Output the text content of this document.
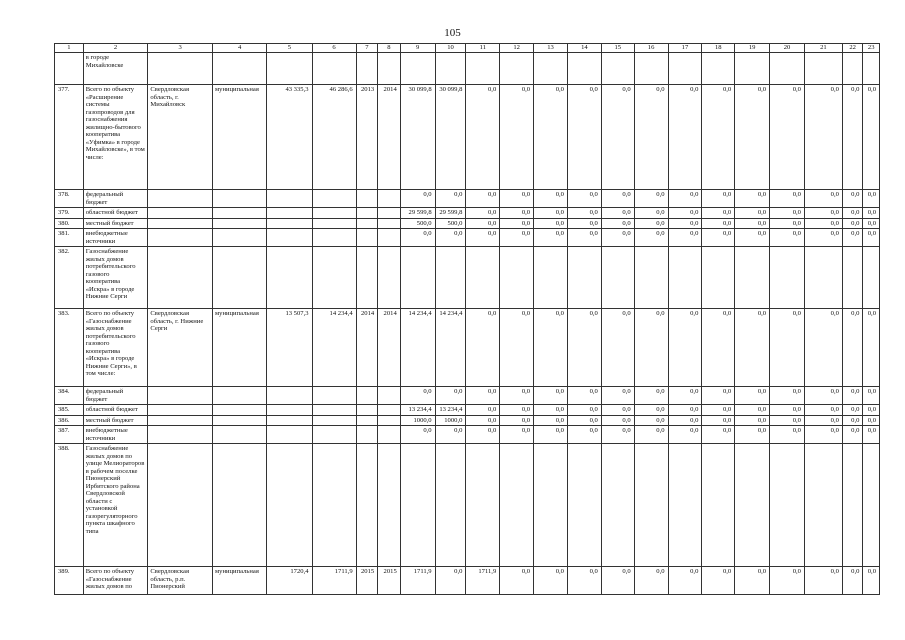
105
1	2	3	4	5	6	7	8	9	10	11	12	13	14	15	16	17	18	19	20	21	22	23
	в городе Михайловске																					
377.	Всего по объекту «Расширение системы газопроводов для газоснабжения жилищно-бытового кооператива «Уфимка» в городе Михайловске», в том числе:	Свердловская область, г. Михайловск	муниципальная	43 335,3	46 286,6	2013	2014	30 099,8	30 099,8	0,0	0,0	0,0	0,0	0,0	0,0	0,0	0,0	0,0	0,0	0,0	0,0	0,0
378.	федеральный бюджет							0,0	0,0	0,0	0,0	0,0	0,0	0,0	0,0	0,0	0,0	0,0	0,0	0,0	0,0	0,0
379.	областной бюджет							29 599,8	29 599,8	0,0	0,0	0,0	0,0	0,0	0,0	0,0	0,0	0,0	0,0	0,0	0,0	0,0
380.	местный бюджет							500,0	500,0	0,0	0,0	0,0	0,0	0,0	0,0	0,0	0,0	0,0	0,0	0,0	0,0	0,0
381.	внебюджетные источники							0,0	0,0	0,0	0,0	0,0	0,0	0,0	0,0	0,0	0,0	0,0	0,0	0,0	0,0	0,0
382.	Газоснабжение жилых домов потребительского газового кооператива «Искра» в городе Нижние Серги																					
383.	Всего по объекту «Газоснабжение жилых домов потребительского газового кооператива «Искра» в городе Нижние Серги», в том числе:	Свердловская область, г. Нижние Серги	муниципальная	13 507,3	14 234,4	2014	2014	14 234,4	14 234,4	0,0	0,0	0,0	0,0	0,0	0,0	0,0	0,0	0,0	0,0	0,0	0,0	0,0
384.	федеральный бюджет							0,0	0,0	0,0	0,0	0,0	0,0	0,0	0,0	0,0	0,0	0,0	0,0	0,0	0,0	0,0
385.	областной бюджет							13 234,4	13 234,4	0,0	0,0	0,0	0,0	0,0	0,0	0,0	0,0	0,0	0,0	0,0	0,0	0,0
386.	местный бюджет							1000,0	1000,0	0,0	0,0	0,0	0,0	0,0	0,0	0,0	0,0	0,0	0,0	0,0	0,0	0,0
387.	внебюджетные источники							0,0	0,0	0,0	0,0	0,0	0,0	0,0	0,0	0,0	0,0	0,0	0,0	0,0	0,0	0,0
388.	Газоснабжение жилых домов по улице Мелиораторов в рабочем поселке Пионерский Ирбитского района Свердловской области с установкой газорегуляторного пункта шкафного типа																					
389.	Всего по объекту «Газоснабжение жилых домов по	Свердловская область, р.п. Пионерский	муниципальная	1720,4	1711,9	2015	2015	1711,9	0,0	1711,9	0,0	0,0	0,0	0,0	0,0	0,0	0,0	0,0	0,0	0,0	0,0	0,0
